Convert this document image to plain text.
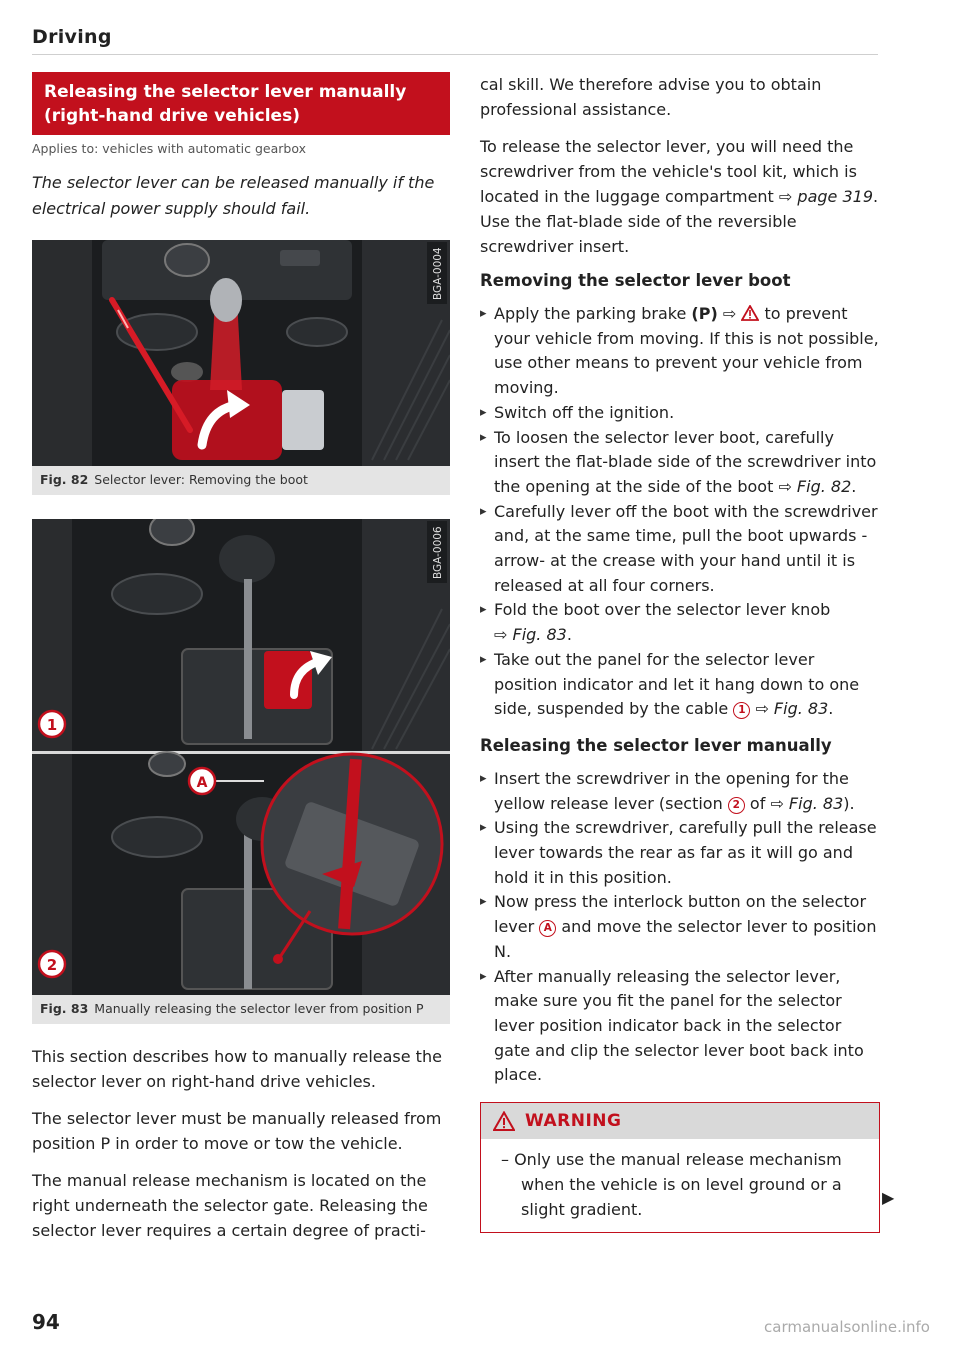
Driving
Releasing the selector lever manually
(right-hand drive vehicles)
Applies to: vehicles with automatic gearbox

The selector lever can be released manually if the electrical power supply should fail.

BGA-0004
Fig. 82 Selector lever: Removing the boot
1
A
2
BGA-0006
Fig. 83 Manually releasing the selector lever from position P

This section describes how to manually release the selector lever on right-hand drive vehicles.

The selector lever must be manually released from position P in order to move or tow the vehicle.

The manual release mechanism is located on the right underneath the selector gate. Releasing the selector lever requires a certain degree of practi-

cal skill. We therefore advise you to obtain professional assistance.

To release the selector lever, you will need the screwdriver from the vehicle's tool kit, which is located in the luggage compartment ⇨ page 319. Use the flat-blade side of the reversible screwdriver insert.

Removing the selector lever boot
▸ Apply the parking brake (P) ⇨ to prevent your vehicle from moving. If this is not possible, use other means to prevent your vehicle from moving.
▸ Switch off the ignition.
▸ To loosen the selector lever boot, carefully insert the flat-blade side of the screwdriver into the opening at the side of the boot ⇨ Fig. 82.
▸ Carefully lever off the boot with the screwdriver and, at the same time, pull the boot upwards -arrow- at the crease with your hand until it is released at all four corners.
▸ Fold the boot over the selector lever knob
⇨ Fig. 83.
▸ Take out the panel for the selector lever position indicator and let it hang down to one side, suspended by the cable 1 ⇨ Fig. 83.
Releasing the selector lever manually
▸ Insert the screwdriver in the opening for the yellow release lever (section 2 of ⇨ Fig. 83).
▸ Using the screwdriver, carefully pull the release lever towards the rear as far as it will go and hold it in this position.
▸ Now press the interlock button on the selector lever A and move the selector lever to position N.
▸ After manually releasing the selector lever, make sure you fit the panel for the selector lever position indicator back in the selector gate and clip the selector lever boot back into place.
WARNING

– Only use the manual release mechanism when the vehicle is on level ground or a slight gradient.

▶
94	carmanualsonline.info
